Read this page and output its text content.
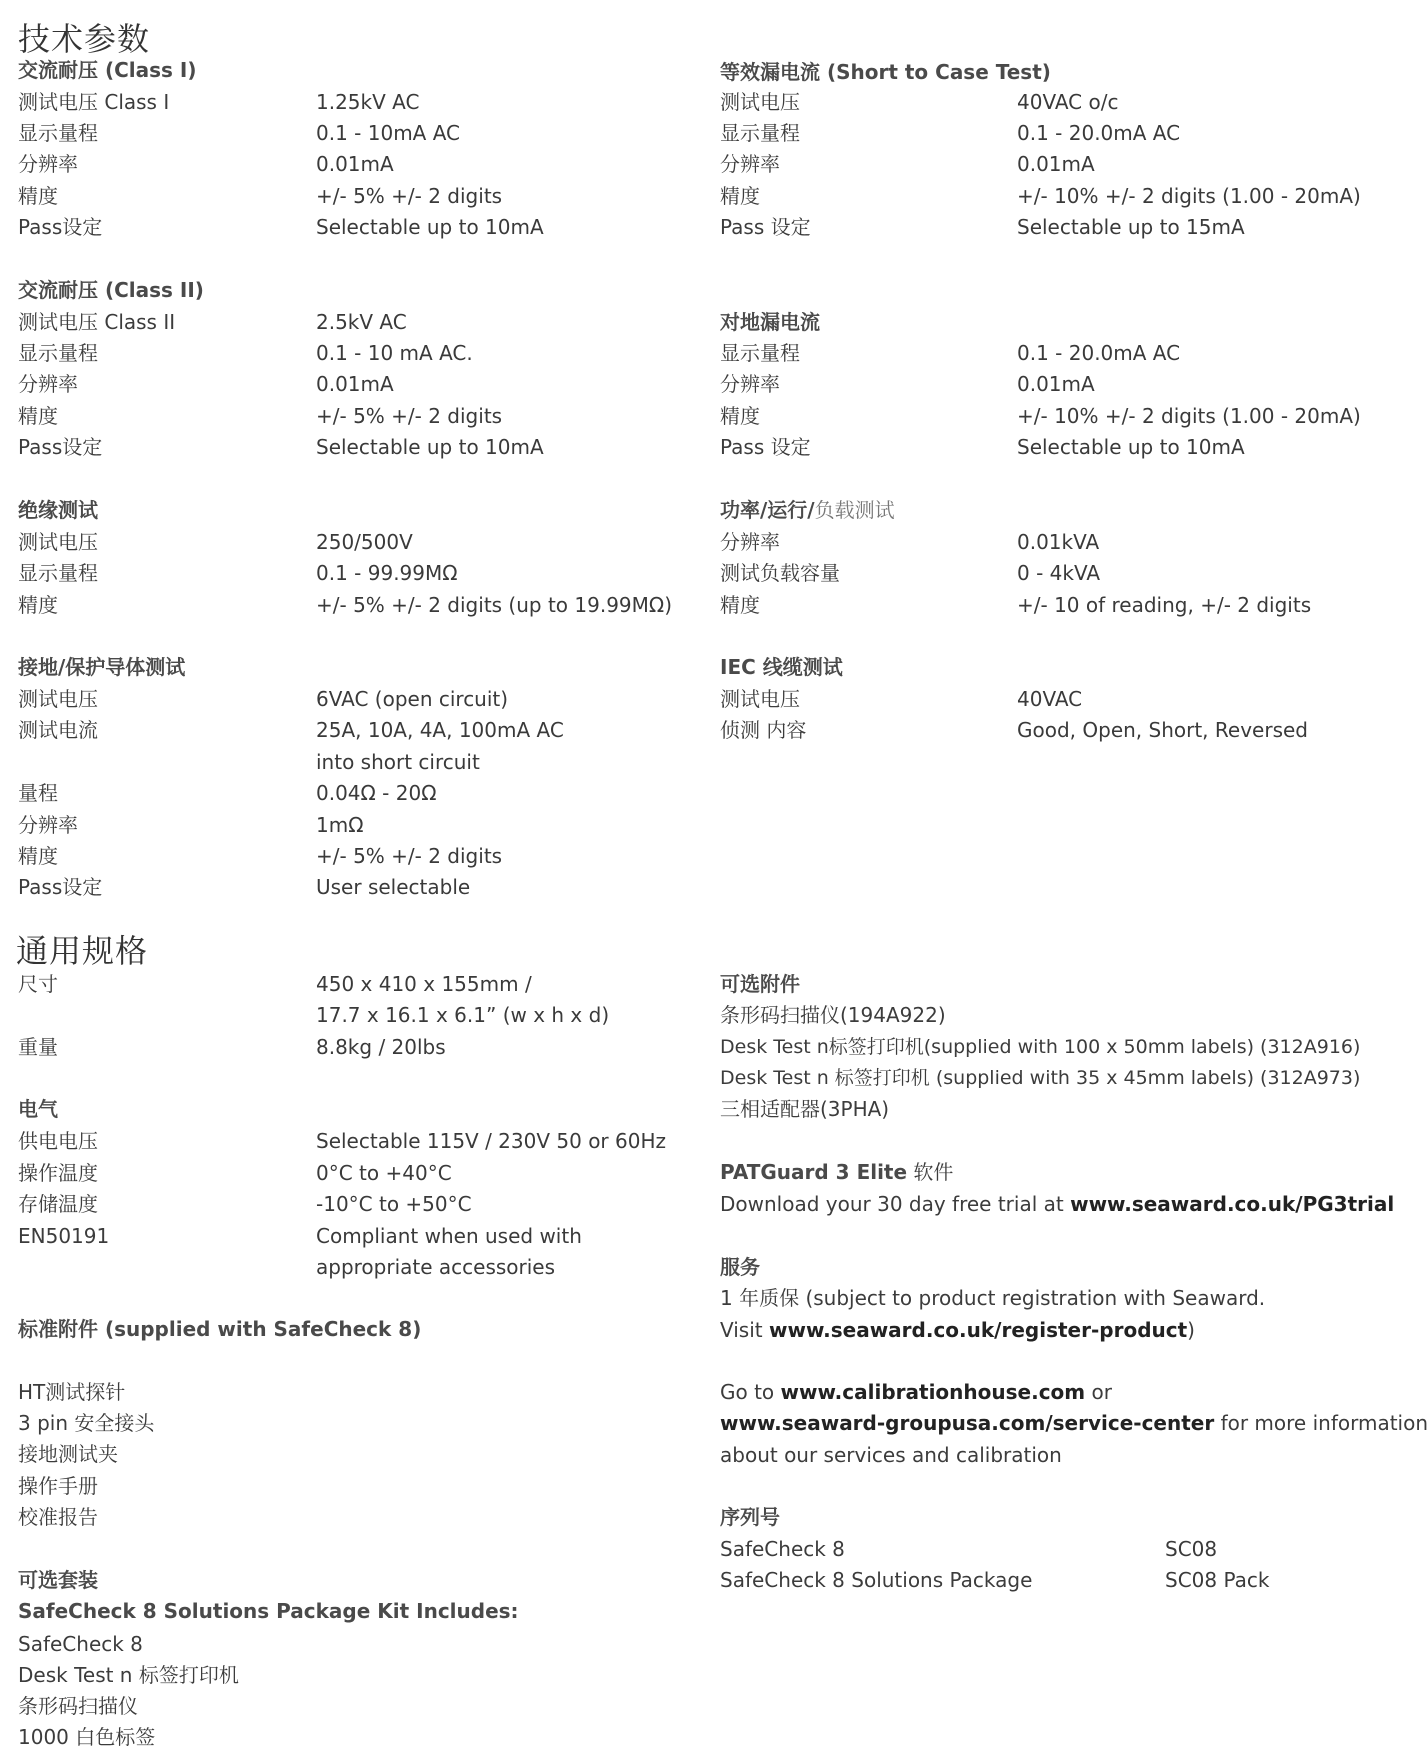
技术参数
交流耐压 (Class I)
测试电压 Class I	1.25kV AC
显示量程	0.1 - 10mA AC
分辨率	0.01mA
精度	+/- 5% +/- 2 digits
Pass设定	Selectable up to 10mA
交流耐压 (Class II)
测试电压 Class II	2.5kV AC
显示量程	0.1 - 10 mA AC.
分辨率	0.01mA
精度	+/- 5% +/- 2 digits
Pass设定	Selectable up to 10mA
绝缘测试
测试电压	250/500V
显示量程	0.1 - 99.99MΩ
精度	+/- 5% +/- 2 digits (up to 19.99MΩ)
接地/保护导体测试
测试电压	6VAC (open circuit)
测试电流	25A, 10A, 4A, 100mA AC
into short circuit
量程	0.04Ω - 20Ω
分辨率	1mΩ
精度	+/- 5% +/- 2 digits
Pass设定	User selectable
等效漏电流 (Short to Case Test)
测试电压	40VAC o/c
显示量程	0.1 - 20.0mA AC
分辨率	0.01mA
精度	+/- 10% +/- 2 digits (1.00 - 20mA)
Pass 设定	Selectable up to 15mA
对地漏电流
显示量程	0.1 - 20.0mA AC
分辨率	0.01mA
精度	+/- 10% +/- 2 digits (1.00 - 20mA)
Pass 设定	Selectable up to 10mA
功率/运行/负载测试
分辨率	0.01kVA
测试负载容量	0 - 4kVA
精度	+/- 10 of reading, +/- 2 digits
IEC 线缆测试
测试电压	40VAC
侦测 内容	Good, Open, Short, Reversed
通用规格
尺寸	450 x 410 x 155mm /
17.7 x 16.1 x 6.1” (w x h x d)
重量	8.8kg / 20lbs
电气
供电电压	Selectable 115V / 230V 50 or 60Hz
操作温度	0°C to +40°C
存储温度	-10°C to +50°C
EN50191	Compliant when used with
appropriate accessories
标准附件 (supplied with SafeCheck 8)
HT测试探针
3 pin 安全接头
接地测试夹
操作手册
校准报告
可选套装
SafeCheck 8 Solutions Package Kit Includes:
SafeCheck 8
Desk Test n 标签打印机
条形码扫描仪
1000 白色标签
可选附件
条形码扫描仪(194A922)
Desk Test n标签打印机(supplied with 100 x 50mm labels) (312A916)
Desk Test n 标签打印机 (supplied with 35 x 45mm labels) (312A973)
三相适配器(3PHA)
PATGuard 3 Elite 软件
Download your 30 day free trial at www.seaward.co.uk/PG3trial
服务
1 年质保 (subject to product registration with Seaward.
Visit www.seaward.co.uk/register-product)
Go to www.calibrationhouse.com or
www.seaward-groupusa.com/service-center for more information
about our services and calibration
序列号
SafeCheck 8	SC08
SafeCheck 8 Solutions Package	SC08 Pack
